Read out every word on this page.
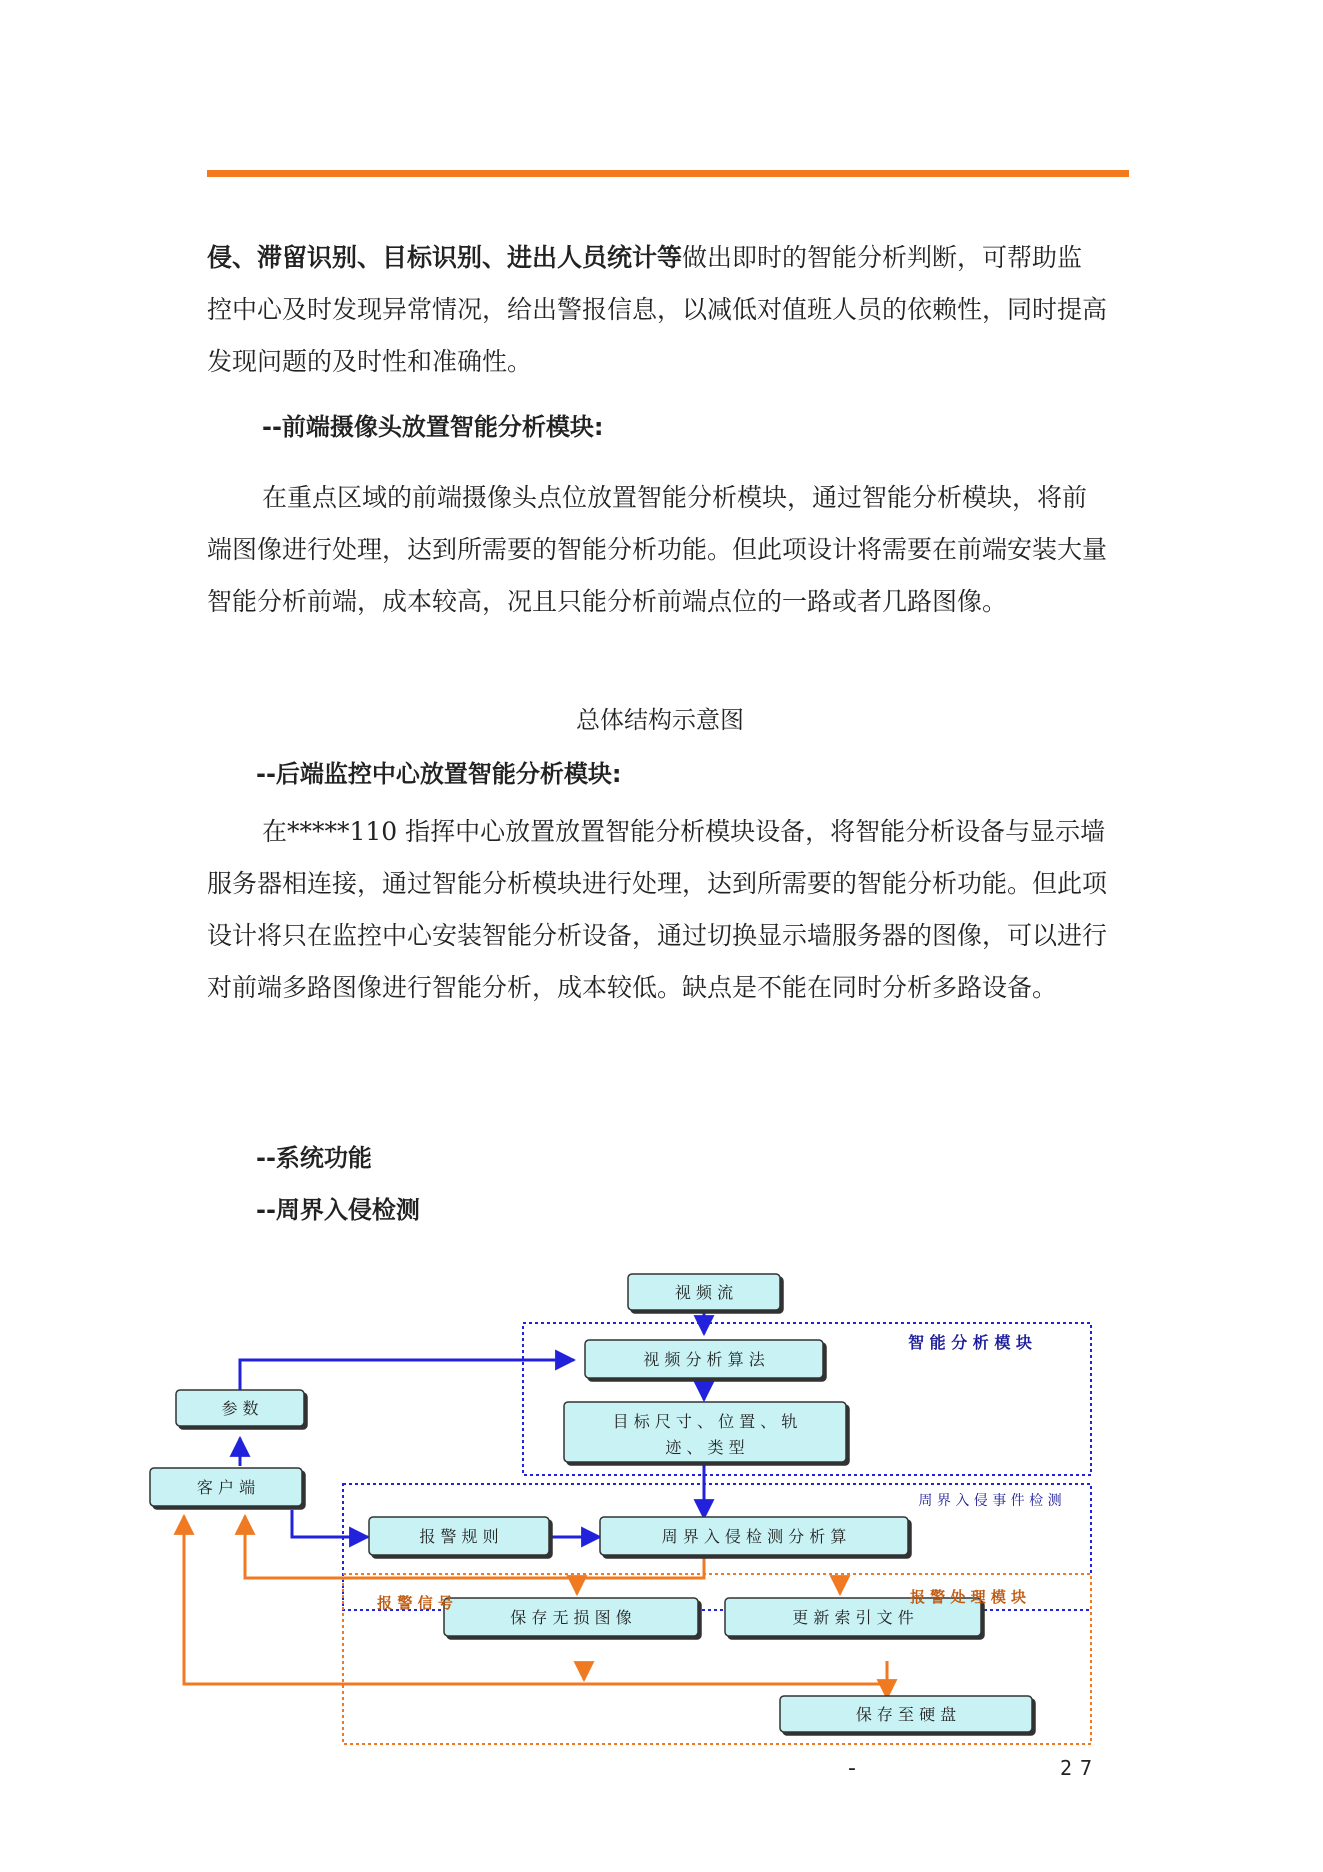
侵、滞留识别、目标识别、进出人员统计等做出即时的智能分析判断，可帮助监控中心及时发现异常情况，给出警报信息，以减低对值班人员的依赖性，同时提高发现问题的及时性和准确性。

--前端摄像头放置智能分析模块:

在重点区域的前端摄像头点位放置智能分析模块，通过智能分析模块，将前端图像进行处理，达到所需要的智能分析功能。但此项设计将需要在前端安装大量智能分析前端，成本较高，况且只能分析前端点位的一路或者几路图像。

总体结构示意图

--后端监控中心放置智能分析模块:

在*****110 指挥中心放置放置智能分析模块设备，将智能分析设备与显示墙服务器相连接，通过智能分析模块进行处理，达到所需要的智能分析功能。但此项设计将只在监控中心安装智能分析设备，通过切换显示墙服务器的图像，可以进行对前端多路图像进行智能分析，成本较低。缺点是不能在同时分析多路设备。

--系统功能

--周界入侵检测

视 频 流
视 频 分 析 算 法
目 标 尺 寸 、 位 置 、 轨
迹 、 类 型
参 数
客 户 端
报 警 规 则	周 界 入 侵 检 测 分 析 算
保 存 无 损 图 像	更 新 索 引 文 件
保 存 至 硬 盘
智 能 分 析 模 块
周 界 入 侵 事 件 检 测
报 警 信 号	报 警 处 理 模 块
-	27
